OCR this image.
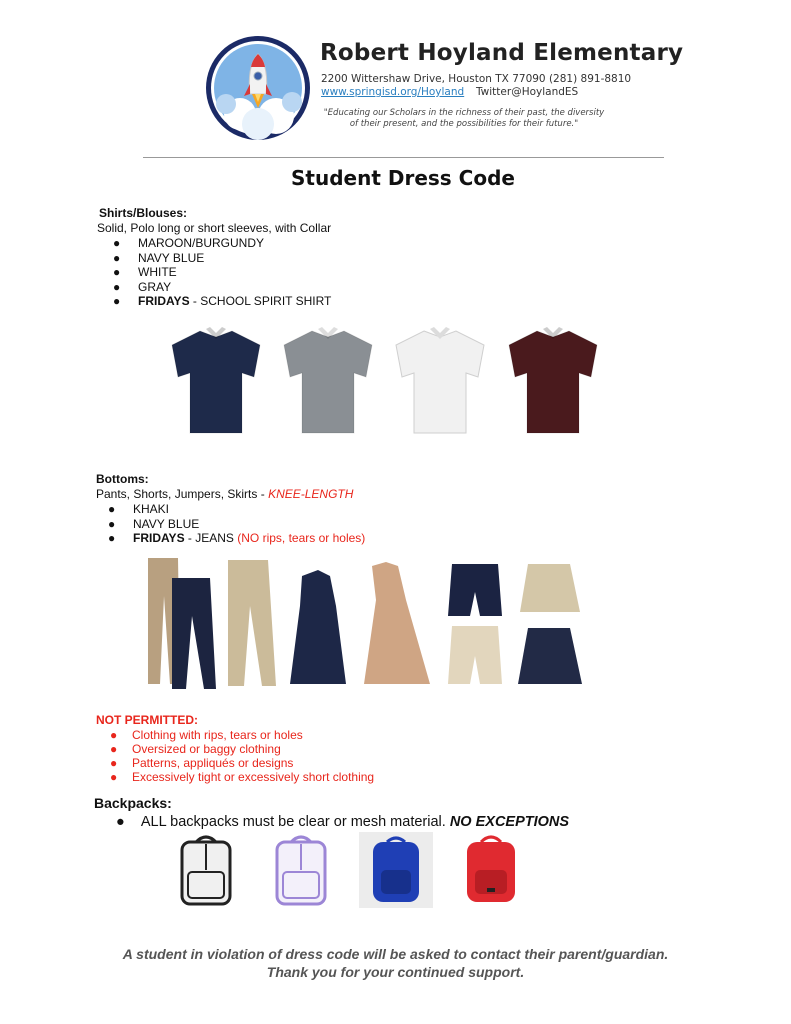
Robert Hoyland Elementary
2200 Wittershaw Drive, Houston TX 77090 (281) 891-8810
www.springisd.org/Hoyland Twitter@HoylandES
"Educating our Scholars in the richness of their past, the diversity
of their present, and the possibilities for their future."
Student Dress Code
Shirts/Blouses:
Solid, Polo long or short sleeves, with Collar
● MAROON/BURGUNDY
● NAVY BLUE
● WHITE
● GRAY
● FRIDAYS - SCHOOL SPIRIT SHIRT
Bottoms:
Pants, Shorts, Jumpers, Skirts - KNEE-LENGTH
● KHAKI
● NAVY BLUE
● FRIDAYS - JEANS (NO rips, tears or holes)
NOT PERMITTED:
● Clothing with rips, tears or holes
● Oversized or baggy clothing
● Patterns, appliqués or designs
● Excessively tight or excessively short clothing
Backpacks:
● ALL backpacks must be clear or mesh material. NO EXCEPTIONS
A student in violation of dress code will be asked to contact their parent/guardian.
Thank you for your continued support.
